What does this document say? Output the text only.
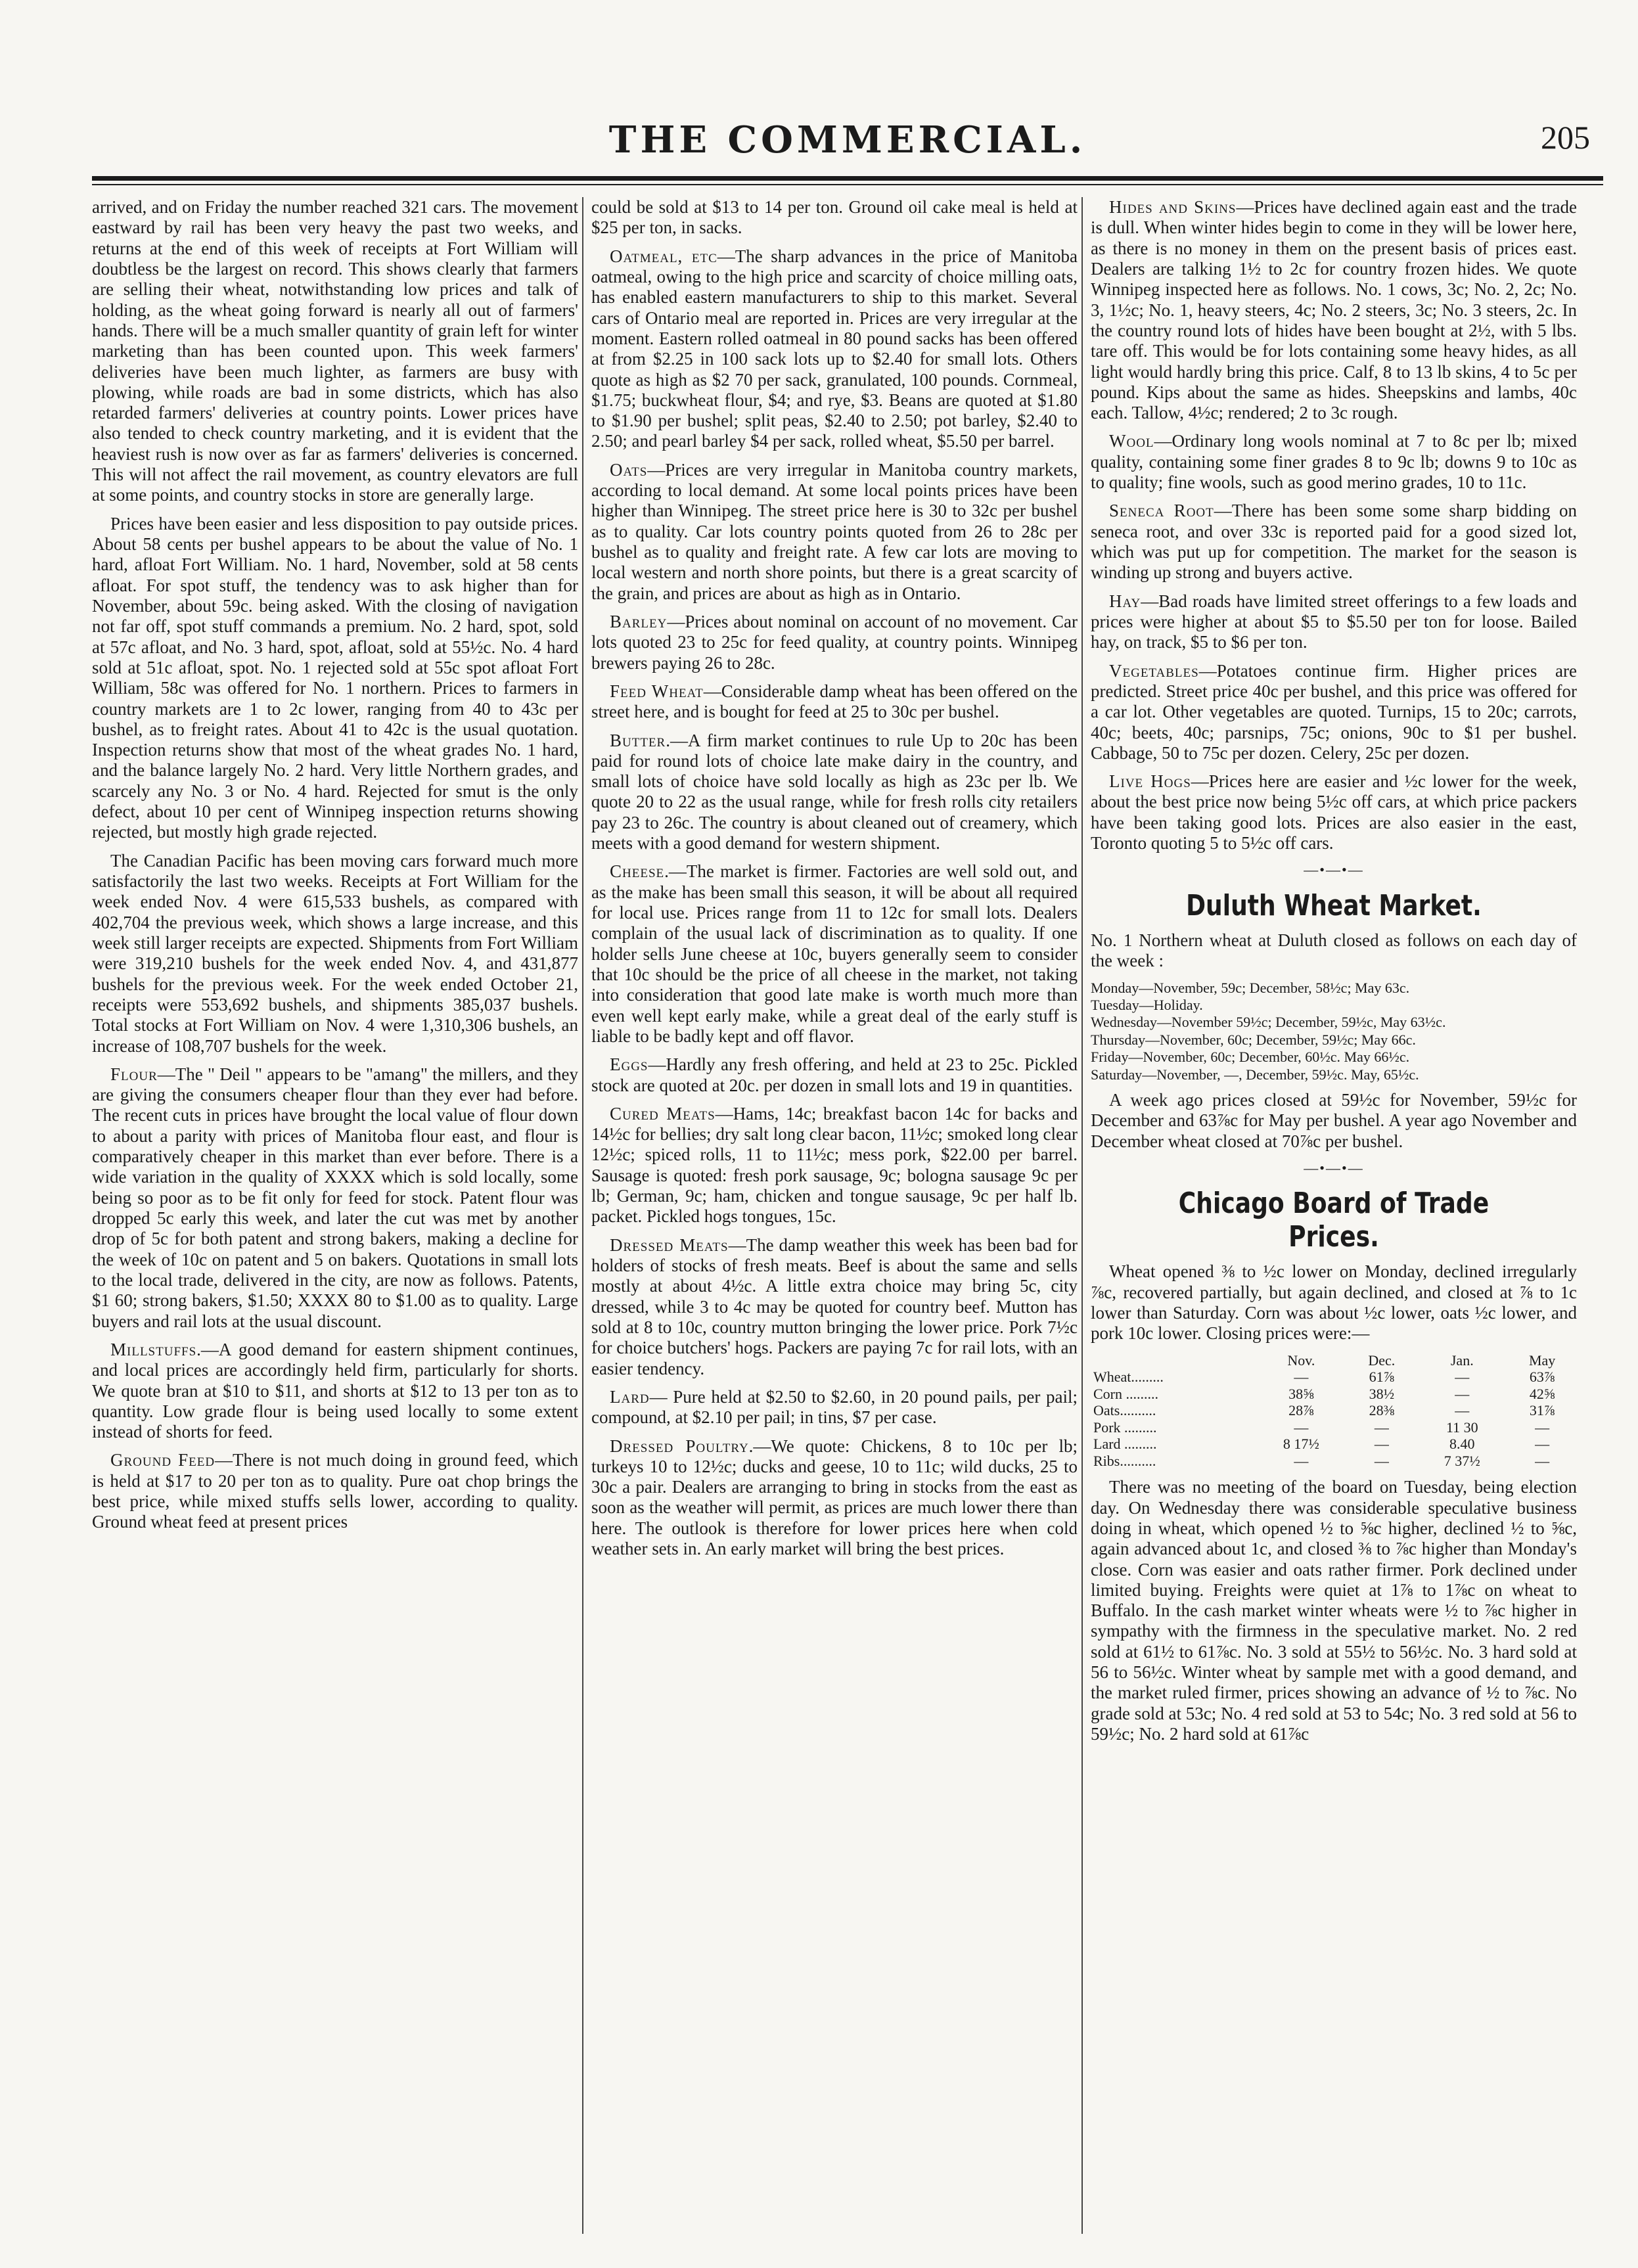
THE COMMERCIAL.	205

arrived, and on Friday the number reached 321 cars. The movement eastward by rail has been very heavy the past two weeks, and returns at the end of this week of receipts at Fort William will doubtless be the largest on record. This shows clearly that farmers are selling their wheat, notwithstanding low prices and talk of holding, as the wheat going forward is nearly all out of farmers' hands. There will be a much smaller quantity of grain left for winter marketing than has been counted upon. This week farmers' deliveries have been much lighter, as farmers are busy with plowing, while roads are bad in some districts, which has also retarded farmers' deliveries at country points. Lower prices have also tended to check country marketing, and it is evident that the heaviest rush is now over as far as farmers' deliveries is concerned. This will not affect the rail movement, as country elevators are full at some points, and country stocks in store are generally large.

Prices have been easier and less disposition to pay outside prices. About 58 cents per bushel appears to be about the value of No. 1 hard, afloat Fort William. No. 1 hard, November, sold at 58 cents afloat. For spot stuff, the tendency was to ask higher than for November, about 59c. being asked. With the closing of navigation not far off, spot stuff commands a premium. No. 2 hard, spot, sold at 57c afloat, and No. 3 hard, spot, afloat, sold at 55½c. No. 4 hard sold at 51c afloat, spot. No. 1 rejected sold at 55c spot afloat Fort William, 58c was offered for No. 1 northern. Prices to farmers in country markets are 1 to 2c lower, ranging from 40 to 43c per bushel, as to freight rates. About 41 to 42c is the usual quotation. Inspection returns show that most of the wheat grades No. 1 hard, and the balance largely No. 2 hard. Very little Northern grades, and scarcely any No. 3 or No. 4 hard. Rejected for smut is the only defect, about 10 per cent of Winnipeg inspection returns showing rejected, but mostly high grade rejected.

The Canadian Pacific has been moving cars forward much more satisfactorily the last two weeks. Receipts at Fort William for the week ended Nov. 4 were 615,533 bushels, as compared with 402,704 the previous week, which shows a large increase, and this week still larger receipts are expected. Shipments from Fort William were 319,210 bushels for the week ended Nov. 4, and 431,877 bushels for the previous week. For the week ended October 21, receipts were 553,692 bushels, and shipments 385,037 bushels. Total stocks at Fort William on Nov. 4 were 1,310,306 bushels, an increase of 108,707 bushels for the week.

Flour—The " Deil " appears to be "amang" the millers, and they are giving the consumers cheaper flour than they ever had before. The recent cuts in prices have brought the local value of flour down to about a parity with prices of Manitoba flour east, and flour is comparatively cheaper in this market than ever before. There is a wide variation in the quality of XXXX which is sold locally, some being so poor as to be fit only for feed for stock. Patent flour was dropped 5c early this week, and later the cut was met by another drop of 5c for both patent and strong bakers, making a decline for the week of 10c on patent and 5 on bakers. Quotations in small lots to the local trade, delivered in the city, are now as follows. Patents, $1 60; strong bakers, $1.50; XXXX 80 to $1.00 as to quality. Large buyers and rail lots at the usual discount.

Millstuffs.—A good demand for eastern shipment continues, and local prices are accordingly held firm, particularly for shorts. We quote bran at $10 to $11, and shorts at $12 to 13 per ton as to quantity. Low grade flour is being used locally to some extent instead of shorts for feed.

Ground Feed—There is not much doing in ground feed, which is held at $17 to 20 per ton as to quality. Pure oat chop brings the best price, while mixed stuffs sells lower, according to quality. Ground wheat feed at present prices

could be sold at $13 to 14 per ton. Ground oil cake meal is held at $25 per ton, in sacks.

Oatmeal, etc—The sharp advances in the price of Manitoba oatmeal, owing to the high price and scarcity of choice milling oats, has enabled eastern manufacturers to ship to this market. Several cars of Ontario meal are reported in. Prices are very irregular at the moment. Eastern rolled oatmeal in 80 pound sacks has been offered at from $2.25 in 100 sack lots up to $2.40 for small lots. Others quote as high as $2 70 per sack, granulated, 100 pounds. Cornmeal, $1.75; buckwheat flour, $4; and rye, $3. Beans are quoted at $1.80 to $1.90 per bushel; split peas, $2.40 to 2.50; pot barley, $2.40 to 2.50; and pearl barley $4 per sack, rolled wheat, $5.50 per barrel.

Oats—Prices are very irregular in Manitoba country markets, according to local demand. At some local points prices have been higher than Winnipeg. The street price here is 30 to 32c per bushel as to quality. Car lots country points quoted from 26 to 28c per bushel as to quality and freight rate. A few car lots are moving to local western and north shore points, but there is a great scarcity of the grain, and prices are about as high as in Ontario.

Barley—Prices about nominal on account of no movement. Car lots quoted 23 to 25c for feed quality, at country points. Winnipeg brewers paying 26 to 28c.

Feed Wheat—Considerable damp wheat has been offered on the street here, and is bought for feed at 25 to 30c per bushel.

Butter.—A firm market continues to rule Up to 20c has been paid for round lots of choice late make dairy in the country, and small lots of choice have sold locally as high as 23c per lb. We quote 20 to 22 as the usual range, while for fresh rolls city retailers pay 23 to 26c. The country is about cleaned out of creamery, which meets with a good demand for western shipment.

Cheese.—The market is firmer. Factories are well sold out, and as the make has been small this season, it will be about all required for local use. Prices range from 11 to 12c for small lots. Dealers complain of the usual lack of discrimination as to quality. If one holder sells June cheese at 10c, buyers generally seem to consider that 10c should be the price of all cheese in the market, not taking into consideration that good late make is worth much more than even well kept early make, while a great deal of the early stuff is liable to be badly kept and off flavor.

Eggs—Hardly any fresh offering, and held at 23 to 25c. Pickled stock are quoted at 20c. per dozen in small lots and 19 in quantities.

Cured Meats—Hams, 14c; breakfast bacon 14c for backs and 14½c for bellies; dry salt long clear bacon, 11½c; smoked long clear 12½c; spiced rolls, 11 to 11½c; mess pork, $22.00 per barrel. Sausage is quoted: fresh pork sausage, 9c; bologna sausage 9c per lb; German, 9c; ham, chicken and tongue sausage, 9c per half lb. packet. Pickled hogs tongues, 15c.

Dressed Meats—The damp weather this week has been bad for holders of stocks of fresh meats. Beef is about the same and sells mostly at about 4½c. A little extra choice may bring 5c, city dressed, while 3 to 4c may be quoted for country beef. Mutton has sold at 8 to 10c, country mutton bringing the lower price. Pork 7½c for choice butchers' hogs. Packers are paying 7c for rail lots, with an easier tendency.

Lard— Pure held at $2.50 to $2.60, in 20 pound pails, per pail; compound, at $2.10 per pail; in tins, $7 per case.

Dressed Poultry.—We quote: Chickens, 8 to 10c per lb; turkeys 10 to 12½c; ducks and geese, 10 to 11c; wild ducks, 25 to 30c a pair. Dealers are arranging to bring in stocks from the east as soon as the weather will permit, as prices are much lower there than here. The outlook is therefore for lower prices here when cold weather sets in. An early market will bring the best prices.

Hides and Skins—Prices have declined again east and the trade is dull. When winter hides begin to come in they will be lower here, as there is no money in them on the present basis of prices east. Dealers are talking 1½ to 2c for country frozen hides. We quote Winnipeg inspected here as follows. No. 1 cows, 3c; No. 2, 2c; No. 3, 1½c; No. 1, heavy steers, 4c; No. 2 steers, 3c; No. 3 steers, 2c. In the country round lots of hides have been bought at 2½, with 5 lbs. tare off. This would be for lots containing some heavy hides, as all light would hardly bring this price. Calf, 8 to 13 lb skins, 4 to 5c per pound. Kips about the same as hides. Sheepskins and lambs, 40c each. Tallow, 4½c; rendered; 2 to 3c rough.

Wool—Ordinary long wools nominal at 7 to 8c per lb; mixed quality, containing some finer grades 8 to 9c lb; downs 9 to 10c as to quality; fine wools, such as good merino grades, 10 to 11c.

Seneca Root—There has been some some sharp bidding on seneca root, and over 33c is reported paid for a good sized lot, which was put up for competition. The market for the season is winding up strong and buyers active.

Hay—Bad roads have limited street offerings to a few loads and prices were higher at about $5 to $5.50 per ton for loose. Bailed hay, on track, $5 to $6 per ton.

Vegetables—Potatoes continue firm. Higher prices are predicted. Street price 40c per bushel, and this price was offered for a car lot. Other vegetables are quoted. Turnips, 15 to 20c; carrots, 40c; beets, 40c; parsnips, 75c; onions, 90c to $1 per bushel. Cabbage, 50 to 75c per dozen. Celery, 25c per dozen.

Live Hogs—Prices here are easier and ½c lower for the week, about the best price now being 5½c off cars, at which price packers have been taking good lots. Prices are also easier in the east, Toronto quoting 5 to 5½c off cars.

—•—•—
Duluth Wheat Market.

No. 1 Northern wheat at Duluth closed as follows on each day of the week :

Monday—November, 59c; December, 58½c; May 63c.
Tuesday—Holiday.
Wednesday—November 59½c; December, 59½c, May 63½c.
Thursday—November, 60c; December, 59½c; May 66c.
Friday—November, 60c; December, 60½c. May 66½c.
Saturday—November, —, December, 59½c. May, 65½c.

A week ago prices closed at 59½c for November, 59½c for December and 63⅞c for May per bushel. A year ago November and December wheat closed at 70⅞c per bushel.

—•—•—
Chicago Board of Trade Prices.

Wheat opened ⅜ to ½c lower on Monday, declined irregularly ⅞c, recovered partially, but again declined, and closed at ⅞ to 1c lower than Saturday. Corn was about ½c lower, oats ½c lower, and pork 10c lower. Closing prices were:—

	Nov.	Dec.	Jan.	May
Wheat.........	—	61⅞	—	63⅞
Corn .........	38⅝	38½	—	42⅝
Oats..........	28⅞	28⅜	—	31⅞
Pork .........	—	—	11 30	—
Lard .........	8 17½	—	8.40	—
Ribs..........	—	—	7 37½	—

There was no meeting of the board on Tuesday, being election day. On Wednesday there was considerable speculative business doing in wheat, which opened ½ to ⅝c higher, declined ½ to ⅝c, again advanced about 1c, and closed ⅜ to ⅞c higher than Monday's close. Corn was easier and oats rather firmer. Pork declined under limited buying. Freights were quiet at 1⅞ to 1⅞c on wheat to Buffalo. In the cash market winter wheats were ½ to ⅞c higher in sympathy with the firmness in the speculative market. No. 2 red sold at 61½ to 61⅞c. No. 3 sold at 55½ to 56½c. No. 3 hard sold at 56 to 56½c. Winter wheat by sample met with a good demand, and the market ruled firmer, prices showing an advance of ½ to ⅞c. No grade sold at 53c; No. 4 red sold at 53 to 54c; No. 3 red sold at 56 to 59½c; No. 2 hard sold at 61⅞c
